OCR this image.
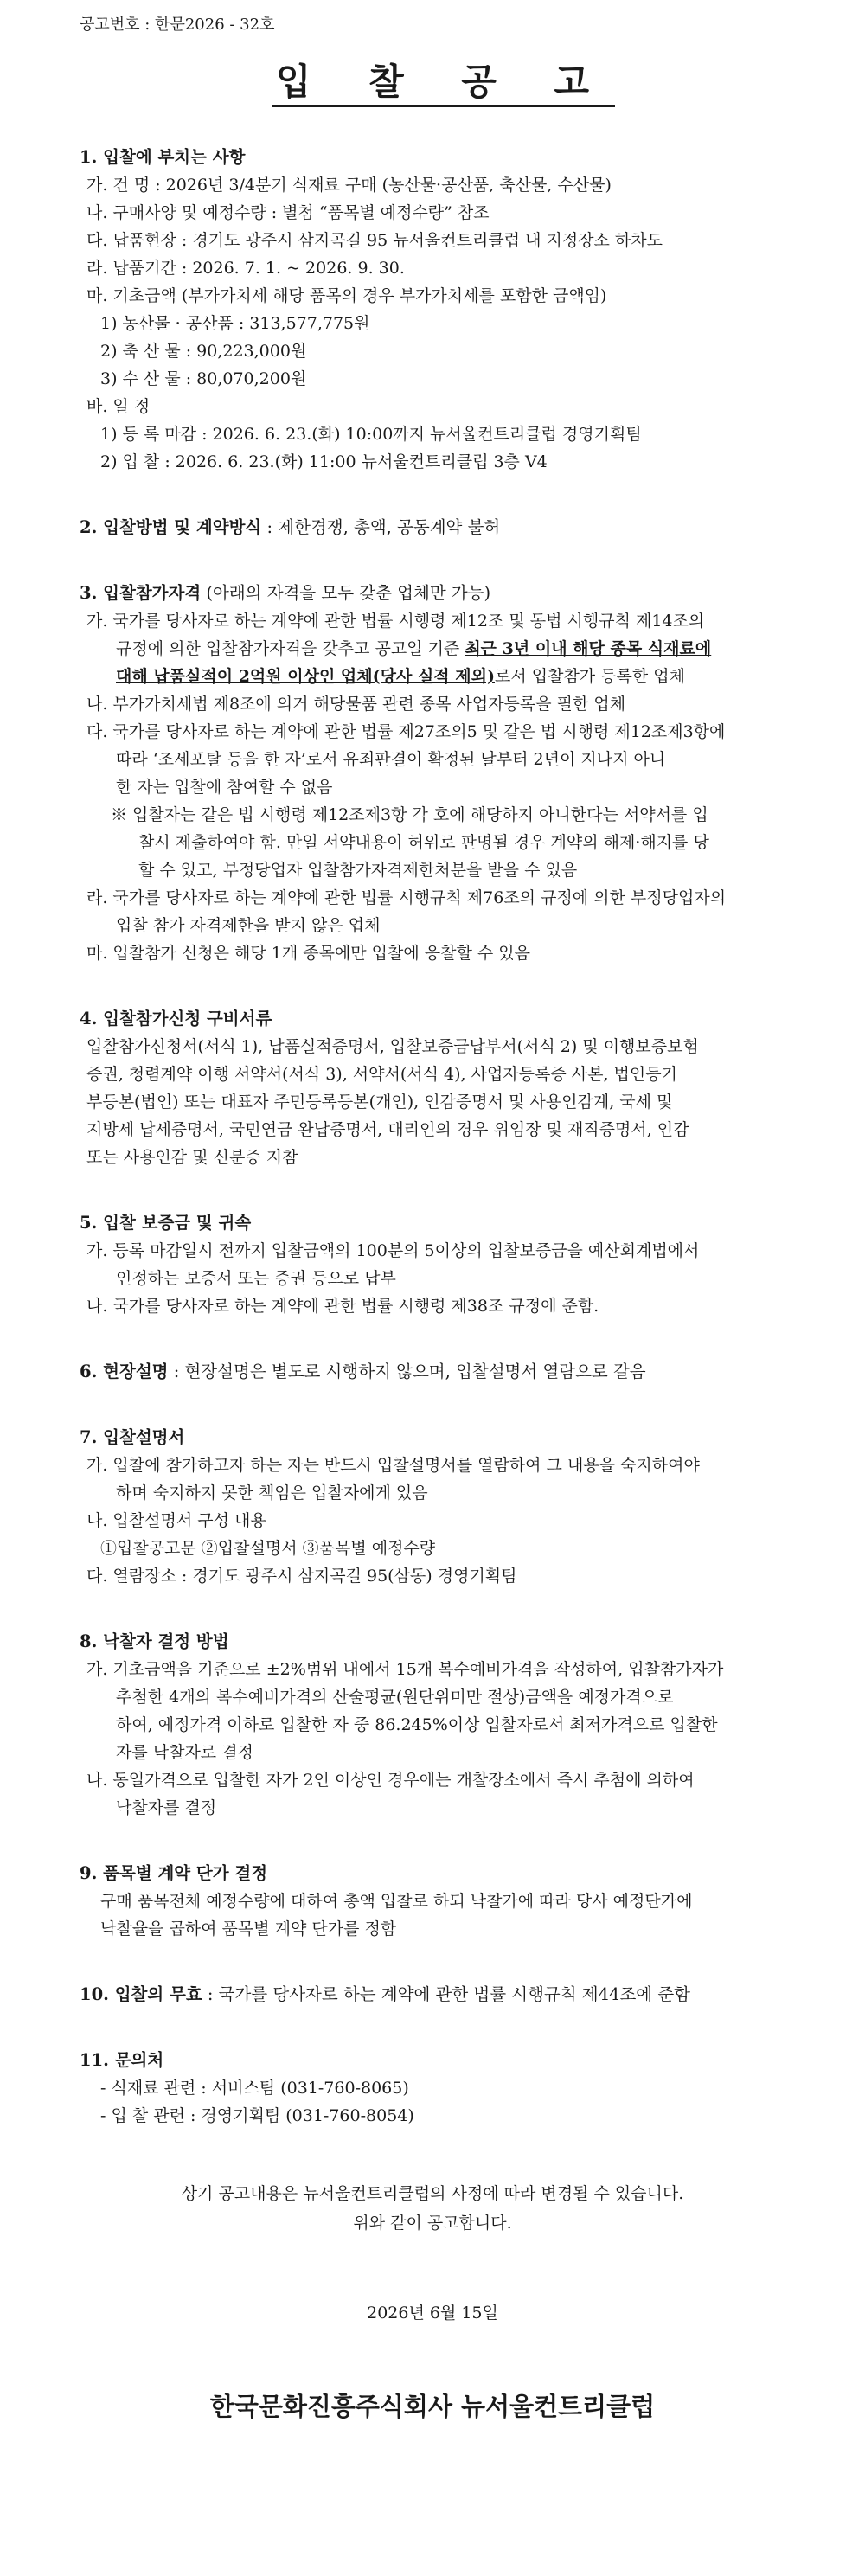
공고번호 : 한문2026 - 32호
입 찰 공 고
1. 입찰에 부치는 사항
가. 건 명 : 2026년 3/4분기 식재료 구매 (농산물·공산품, 축산물, 수산물)
나. 구매사양 및 예정수량 : 별첨 “품목별 예정수량” 참조
다. 납품현장 : 경기도 광주시 삼지곡길 95 뉴서울컨트리클럽 내 지정장소 하차도
라. 납품기간 : 2026. 7. 1. ~ 2026. 9. 30.
마. 기초금액 (부가가치세 해당 품목의 경우 부가가치세를 포함한 금액임)
1) 농산물 · 공산품 : 313,577,775원
2) 축 산 물 : 90,223,000원
3) 수 산 물 : 80,070,200원
바. 일 정
1) 등 록 마감 : 2026. 6. 23.(화) 10:00까지 뉴서울컨트리클럽 경영기획팀
2) 입 찰 : 2026. 6. 23.(화) 11:00 뉴서울컨트리클럽 3층 V4
2. 입찰방법 및 계약방식 : 제한경쟁, 총액, 공동계약 불허
3. 입찰참가자격 (아래의 자격을 모두 갖춘 업체만 가능)
가. 국가를 당사자로 하는 계약에 관한 법률 시행령 제12조 및 동법 시행규칙 제14조의
규정에 의한 입찰참가자격을 갖추고 공고일 기준 최근 3년 이내 해당 종목 식재료에
대해 납품실적이 2억원 이상인 업체(당사 실적 제외)로서 입찰참가 등록한 업체
나. 부가가치세법 제8조에 의거 해당물품 관련 종목 사업자등록을 필한 업체
다. 국가를 당사자로 하는 계약에 관한 법률 제27조의5 및 같은 법 시행령 제12조제3항에
따라 ‘조세포탈 등을 한 자’로서 유죄판결이 확정된 날부터 2년이 지나지 아니
한 자는 입찰에 참여할 수 없음
※ 입찰자는 같은 법 시행령 제12조제3항 각 호에 해당하지 아니한다는 서약서를 입
찰시 제출하여야 함. 만일 서약내용이 허위로 판명될 경우 계약의 해제·해지를 당
할 수 있고, 부정당업자 입찰참가자격제한처분을 받을 수 있음
라. 국가를 당사자로 하는 계약에 관한 법률 시행규칙 제76조의 규정에 의한 부정당업자의
입찰 참가 자격제한을 받지 않은 업체
마. 입찰참가 신청은 해당 1개 종목에만 입찰에 응찰할 수 있음
4. 입찰참가신청 구비서류
입찰참가신청서(서식 1), 납품실적증명서, 입찰보증금납부서(서식 2) 및 이행보증보험
증권, 청렴계약 이행 서약서(서식 3), 서약서(서식 4), 사업자등록증 사본, 법인등기
부등본(법인) 또는 대표자 주민등록등본(개인), 인감증명서 및 사용인감계, 국세 및
지방세 납세증명서, 국민연금 완납증명서, 대리인의 경우 위임장 및 재직증명서, 인감
또는 사용인감 및 신분증 지참
5. 입찰 보증금 및 귀속
가. 등록 마감일시 전까지 입찰금액의 100분의 5이상의 입찰보증금을 예산회계법에서
인정하는 보증서 또는 증권 등으로 납부
나. 국가를 당사자로 하는 계약에 관한 법률 시행령 제38조 규정에 준함.
6. 현장설명 : 현장설명은 별도로 시행하지 않으며, 입찰설명서 열람으로 갈음
7. 입찰설명서
가. 입찰에 참가하고자 하는 자는 반드시 입찰설명서를 열람하여 그 내용을 숙지하여야
하며 숙지하지 못한 책임은 입찰자에게 있음
나. 입찰설명서 구성 내용
①입찰공고문 ②입찰설명서 ③품목별 예정수량
다. 열람장소 : 경기도 광주시 삼지곡길 95(삼동) 경영기획팀
8. 낙찰자 결정 방법
가. 기초금액을 기준으로 ±2%범위 내에서 15개 복수예비가격을 작성하여, 입찰참가자가
추첨한 4개의 복수예비가격의 산술평균(원단위미만 절상)금액을 예정가격으로
하여, 예정가격 이하로 입찰한 자 중 86.245%이상 입찰자로서 최저가격으로 입찰한
자를 낙찰자로 결정
나. 동일가격으로 입찰한 자가 2인 이상인 경우에는 개찰장소에서 즉시 추첨에 의하여
낙찰자를 결정
9. 품목별 계약 단가 결정
구매 품목전체 예정수량에 대하여 총액 입찰로 하되 낙찰가에 따라 당사 예정단가에
낙찰율을 곱하여 품목별 계약 단가를 정함
10. 입찰의 무효 : 국가를 당사자로 하는 계약에 관한 법률 시행규칙 제44조에 준함
11. 문의처
- 식재료 관련 : 서비스팀 (031-760-8065)
- 입 찰 관련 : 경영기획팀 (031-760-8054)
상기 공고내용은 뉴서울컨트리클럽의 사정에 따라 변경될 수 있습니다.
위와 같이 공고합니다.
2026년 6월 15일
한국문화진흥주식회사 뉴서울컨트리클럽
